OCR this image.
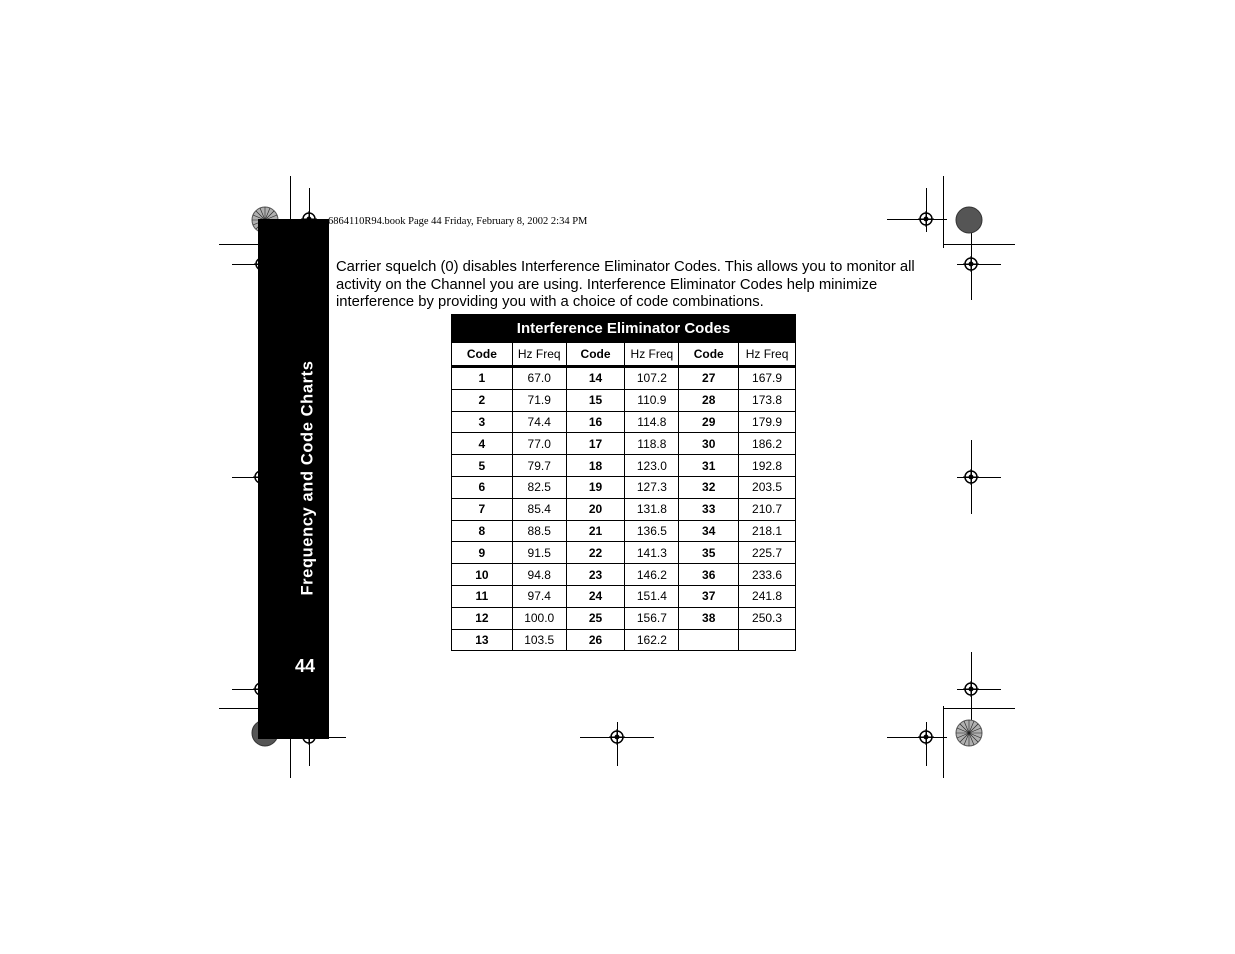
Frequency and Code Charts
44
6864110R94.book Page 44 Friday, February 8, 2002 2:34 PM
Carrier squelch (0) disables Interference Eliminator Codes. This allows you to monitor all activity on the Channel you are using. Interference Eliminator Codes help minimize interference by providing you with a choice of code combinations.
Interference Eliminator Codes					
Code	Hz Freq	Code	Hz Freq	Code	Hz Freq
1	67.0	14	107.2	27	167.9
2	71.9	15	110.9	28	173.8
3	74.4	16	114.8	29	179.9
4	77.0	17	118.8	30	186.2
5	79.7	18	123.0	31	192.8
6	82.5	19	127.3	32	203.5
7	85.4	20	131.8	33	210.7
8	88.5	21	136.5	34	218.1
9	91.5	22	141.3	35	225.7
10	94.8	23	146.2	36	233.6
11	97.4	24	151.4	37	241.8
12	100.0	25	156.7	38	250.3
13	103.5	26	162.2		
